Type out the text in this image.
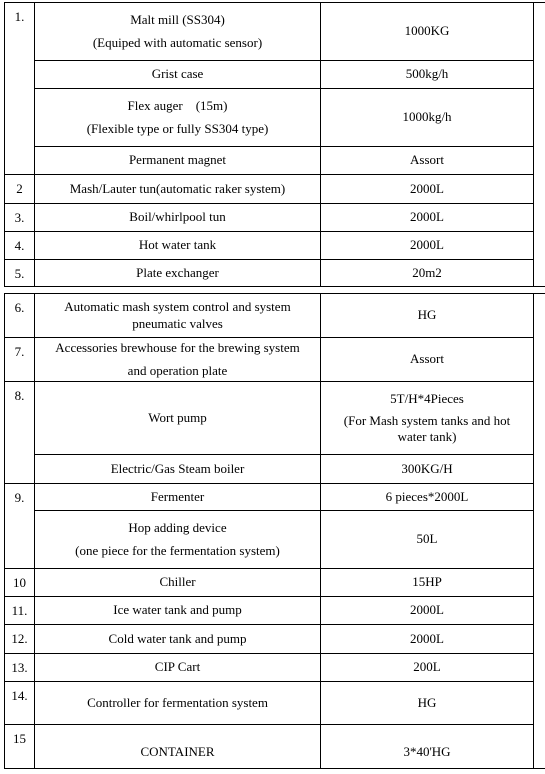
1.	Malt mill (SS304)
(Equiped with automatic sensor)	1000KG	
	Grist case	500kg/h	

	Flex auger    (15m)
(Flexible type or fully SS304 type)	1000kg/h	
	Permanent magnet	Assort	
2	Mash/Lauter tun(automatic raker system)	2000L	
3.	Boil/whirlpool tun	2000L	
4.	Hot water tank	2000L	
5.	Plate exchanger	20m2	
6.	Automatic mash system control and system
pneumatic valves	HG	
7.	Accessories brewhouse for the brewing system
and operation plate	Assort	
8.	Wort pump	5T/H*4Pieces
(For Mash system tanks and hot
water tank)	

	Electric/Gas Steam boiler	300KG/H	
9.	Fermenter	6 pieces*2000L	

	Hop adding device
(one piece for the fermentation system)	50L	
10	Chiller	15HP	
11.	Ice water tank and pump	2000L	
12.	Cold water tank and pump	2000L	
13.	CIP Cart	200L	
14.	Controller for fermentation system	HG	
15	CONTAINER	3*40'HG	
